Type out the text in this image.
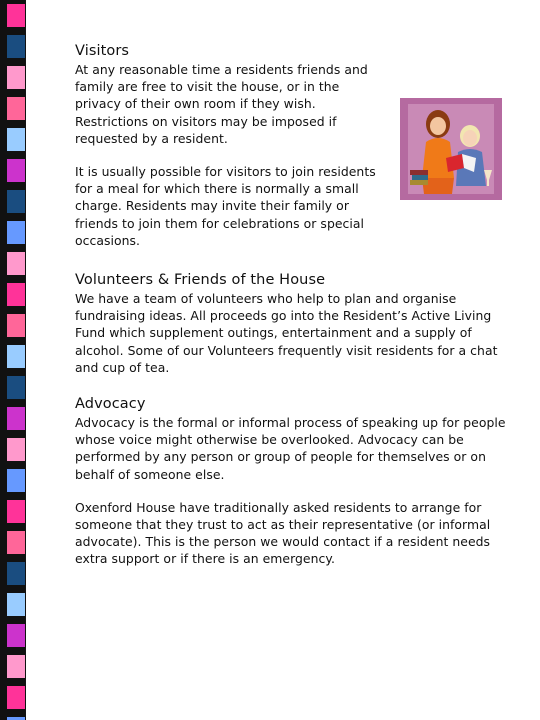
Visitors

At any reasonable time a residents friends and family are free to visit the house, or in the privacy of their own room if they wish. Restrictions on visitors may be imposed if requested by a resident.

It is usually possible for visitors to join residents for a meal for which there is normally a small charge. Residents may invite their family or friends to join them for celebrations or special occasions.

Volunteers & Friends of the House

We have a team of volunteers who help to plan and organise fundraising ideas. All proceeds go into the Resident’s Active Living Fund which supplement outings, entertainment and a supply of alcohol. Some of our Volunteers frequently visit residents for a chat and cup of tea.

Advocacy

Advocacy is the formal or informal process of speaking up for people whose voice might otherwise be overlooked. Advocacy can be performed by any person or group of people for themselves or on behalf of someone else.

Oxenford House have traditionally asked residents to arrange for someone that they trust to act as their representative (or informal advocate). This is the person we would contact if a resident needs extra support or if there is an emergency.
